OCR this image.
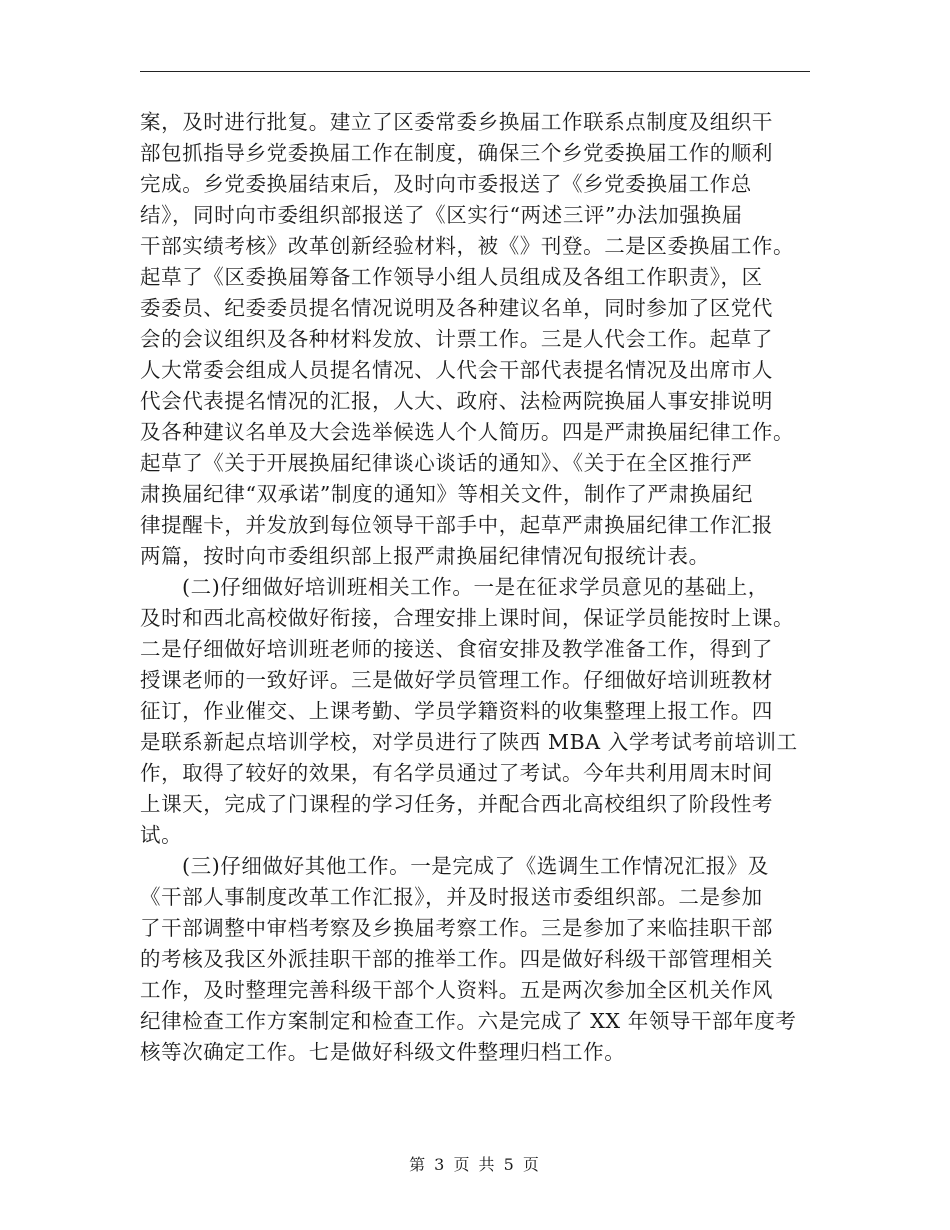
案，及时进行批复。建立了区委常委乡换届工作联系点制度及组织干
部包抓指导乡党委换届工作在制度，确保三个乡党委换届工作的顺利
完成。乡党委换届结束后，及时向市委报送了《乡党委换届工作总
结》，同时向市委组织部报送了《区实行“两述三评”办法加强换届
干部实绩考核》改革创新经验材料，被《》刊登。二是区委换届工作。
起草了《区委换届筹备工作领导小组人员组成及各组工作职责》，区
委委员、纪委委员提名情况说明及各种建议名单，同时参加了区党代
会的会议组织及各种材料发放、计票工作。三是人代会工作。起草了
人大常委会组成人员提名情况、人代会干部代表提名情况及出席市人
代会代表提名情况的汇报，人大、政府、法检两院换届人事安排说明
及各种建议名单及大会选举候选人个人简历。四是严肃换届纪律工作。
起草了《关于开展换届纪律谈心谈话的通知》、《关于在全区推行严
肃换届纪律“双承诺”制度的通知》等相关文件，制作了严肃换届纪
律提醒卡，并发放到每位领导干部手中，起草严肃换届纪律工作汇报
两篇，按时向市委组织部上报严肃换届纪律情况旬报统计表。
(二)仔细做好培训班相关工作。一是在征求学员意见的基础上，
及时和西北高校做好衔接，合理安排上课时间，保证学员能按时上课。
二是仔细做好培训班老师的接送、食宿安排及教学准备工作，得到了
授课老师的一致好评。三是做好学员管理工作。仔细做好培训班教材
征订，作业催交、上课考勤、学员学籍资料的收集整理上报工作。四
是联系新起点培训学校，对学员进行了陕西 MBA 入学考试考前培训工
作，取得了较好的效果，有名学员通过了考试。今年共利用周末时间
上课天，完成了门课程的学习任务，并配合西北高校组织了阶段性考
试。
(三)仔细做好其他工作。一是完成了《选调生工作情况汇报》及
《干部人事制度改革工作汇报》，并及时报送市委组织部。二是参加
了干部调整中审档考察及乡换届考察工作。三是参加了来临挂职干部
的考核及我区外派挂职干部的推举工作。四是做好科级干部管理相关
工作，及时整理完善科级干部个人资料。五是两次参加全区机关作风
纪律检查工作方案制定和检查工作。六是完成了 XX 年领导干部年度考
核等次确定工作。七是做好科级文件整理归档工作。
第 3 页 共 5 页
